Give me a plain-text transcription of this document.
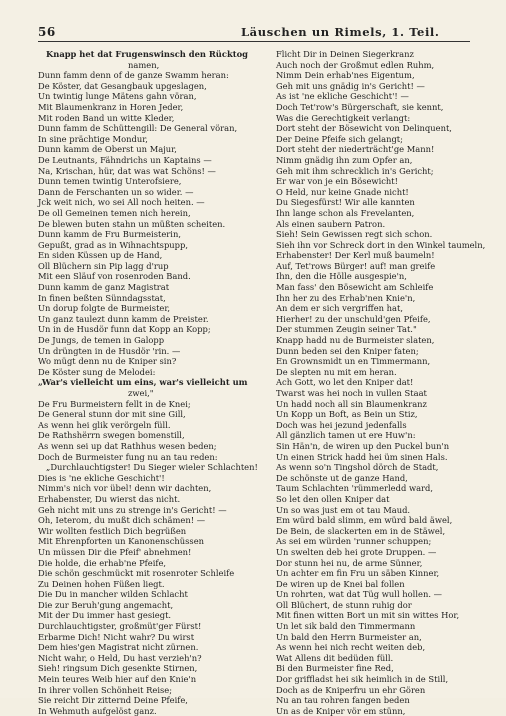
56	Läuschen un Rimels, 1. Teil.
Knapp het dat Frugenswinsch den Rücktog
namen,
Dunn famm denn of de ganze Swamm heran:
De Köster, dat Gesangbauk upgeslagen,
Un twintig lunge Mätens gahn vöran,
Mit Blaumenkranz in Horen Jeder,
Mit roden Band un witte Kleder,
Dunn famm de Schüttengill: De General vöran,
In sine prächtige Mondur,
Dunn kamm de Oberst un Majur,
De Leutnants, Fähndrichs un Kaptains —
Na, Krischan, hür, dat was wat Schöns! —
Dunn temen twintig Unterofsiere,
Dann de Ferschanten un so wider. —
Jck weit nich, wo sei All noch heiten. —
De oll Gemeinen temen nich herein,
De blewen buten stahn un müßten scheiten.
Dunn kamm de Fru Burmeisterin,
Gepußt, grad as in Wihnachtspupp,
En siden Küssen up de Hand,
Oll Blüchern sin Pip lagg d'rup
Mit een Släuf von rosenroden Band.
Dunn kamm de ganz Magistrat
In finen beßten Sünndagsstat,
Un dorup folgte de Burmeister,
Un ganz taulezt dunn kamm de Preister.
Un in de Husdör funn dat Kopp an Kopp;
De Jungs, de temen in Galopp
Un drüngten in de Husdör 'rin. —
Wo mügt denn nu de Kniper sin?
De Köster sung de Melodei:
„War's vielleicht um eins, war's vielleicht um
zwei,"
De Fru Burmeistern fellt in de Knei;
De General stunn dor mit sine Gill,
As wenn hei glik verörgeln füll.
De Rathshërrn swegen bomenstill,
As wenn sei up dat Rathhus wesen beden;
Doch de Burmeister fung nu an tau reden:
„Durchlauchtigster! Du Sieger wieler Schlachten!
Dies is 'ne ekliche Geschicht'!
Nimm's nich vor übel! denn wir dachten,
Erhabenster, Du wierst das nicht.
Geh nicht mit uns zu strenge in's Gericht! —
Oh, Ieterom, du mußt dich schämen! —
Wir wollten festlich Dich begrüßen
Mit Ehrenpforten un Kanonenschüssen
Un müssen Dir die Pfeif' abnehmen!
Die holde, die erhab'ne Pfeife,
Die schön geschmückt mit rosenroter Schleife
Zu Deinen hohen Füßen liegt.
Die Du in mancher wilden Schlacht
Die zur Beruh'gung angemacht,
Mit der Du immer hast gesiegt.
Durchlauchtigster, großmüt'ger Fürst!
Erbarme Dich! Nicht wahr? Du wirst
Dem hies'gen Magistrat nicht zürnen.
Nicht wahr, o Held, Du hast verzieh'n?
Sieh! ringsum Dich gesenkte Stirnen,
Mein teures Weib hier auf den Knie'n
In ihrer vollen Schönheit Reise;
Sie reicht Dir zitternd Deine Pfeife,
In Wehmuth aufgelöst ganz.
Flicht Dir in Deinen Siegerkranz
Auch noch der Großmut edlen Ruhm,
Nimm Dein erhab'nes Eigentum,
Geh mit uns gnädig in's Gericht! —
As ist 'ne ekliche Geschicht'! —
Doch Tet'row's Bürgerschaft, sie kennt,
Was die Gerechtigkeit verlangt:
Dort steht der Bösewicht von Delinquent,
Der Deine Pfeife sich gelangt;
Dort steht der niederträcht'ge Mann!
Nimm gnädig ihn zum Opfer an,
Geh mit ihm schrecklich in's Gericht;
Er war von je ein Bösewicht!
O Held, nur keine Gnade nicht!
Du Siegesfürst! Wir alle kannten
Ihn lange schon als Frevelanten,
Als einen saubern Patron.
Sieh! Sein Gewissen regt sich schon.
Sieh ihn vor Schreck dort in den Winkel taumeln,
Erhabenster! Der Kerl muß baumeln!
Auf, Tet'rows Bürger! auf! man greife
Ihn, den die Hölle ausgespie'n,
Man fass' den Bösewicht am Schleife
Ihn her zu des Erhab'nen Knie'n,
An dem er sich vergriffen hat,
Hierher! zu der unschuld'gen Pfeife,
Der stummen Zeugin seiner Tat."
Knapp hadd nu de Burmeister slaten,
Dunn beden sei den Kniper faten;
En Grownsmidt un en Timmermann,
De slepten nu mit em heran.
Ach Gott, wo let den Kniper dat!
Twarst was hei noch in vullen Staat
Un hadd noch all sin Blaumenkranz
Un Kopp un Boft, as Bein un Stiz,
Doch was hei jezund jedenfalls
All gänzlich tamen ut ere Huw'n:
Sin Hän'n, de wiren up den Puckel bun'n
Un einen Strick hadd hei üm sinen Hals.
As wenn so'n Tingshol dörch de Stadt,
De schönste ut de ganze Hand,
Taum Schlachten 'rümmerledd ward,
So let den ollen Kniper dat
Un so was just em ot tau Maud.
Em würd bald slimm, em würd bald äwel,
De Bein, de slackerten em in de Stäwel,
As sei em würden 'runner schuppen;
Un swelten deb hei grote Druppen. —
Dor stunn hei nu, de arme Sünner,
Un achter em fin Fru un säben Kinner,
De wiren up de Knei bal follen
Un rohrten, wat dat Tüg wull hollen. —
Oll Blüchert, de stunn ruhig dor
Mit finen witten Bort un mit sin wittes Hor,
Un let sik bald den Timmermann
Un bald den Herrn Burmeister an,
As wenn hei nich recht weiten deb,
Wat Allens dit bedüden füll.
Bi den Burmeister fine Red,
Dor griffladst hei sik heimlich in de Still,
Doch as de Kniperfru un ehr Gören
Nu an tau rohren fangen beden
Un as de Kniper vör em stünn,
